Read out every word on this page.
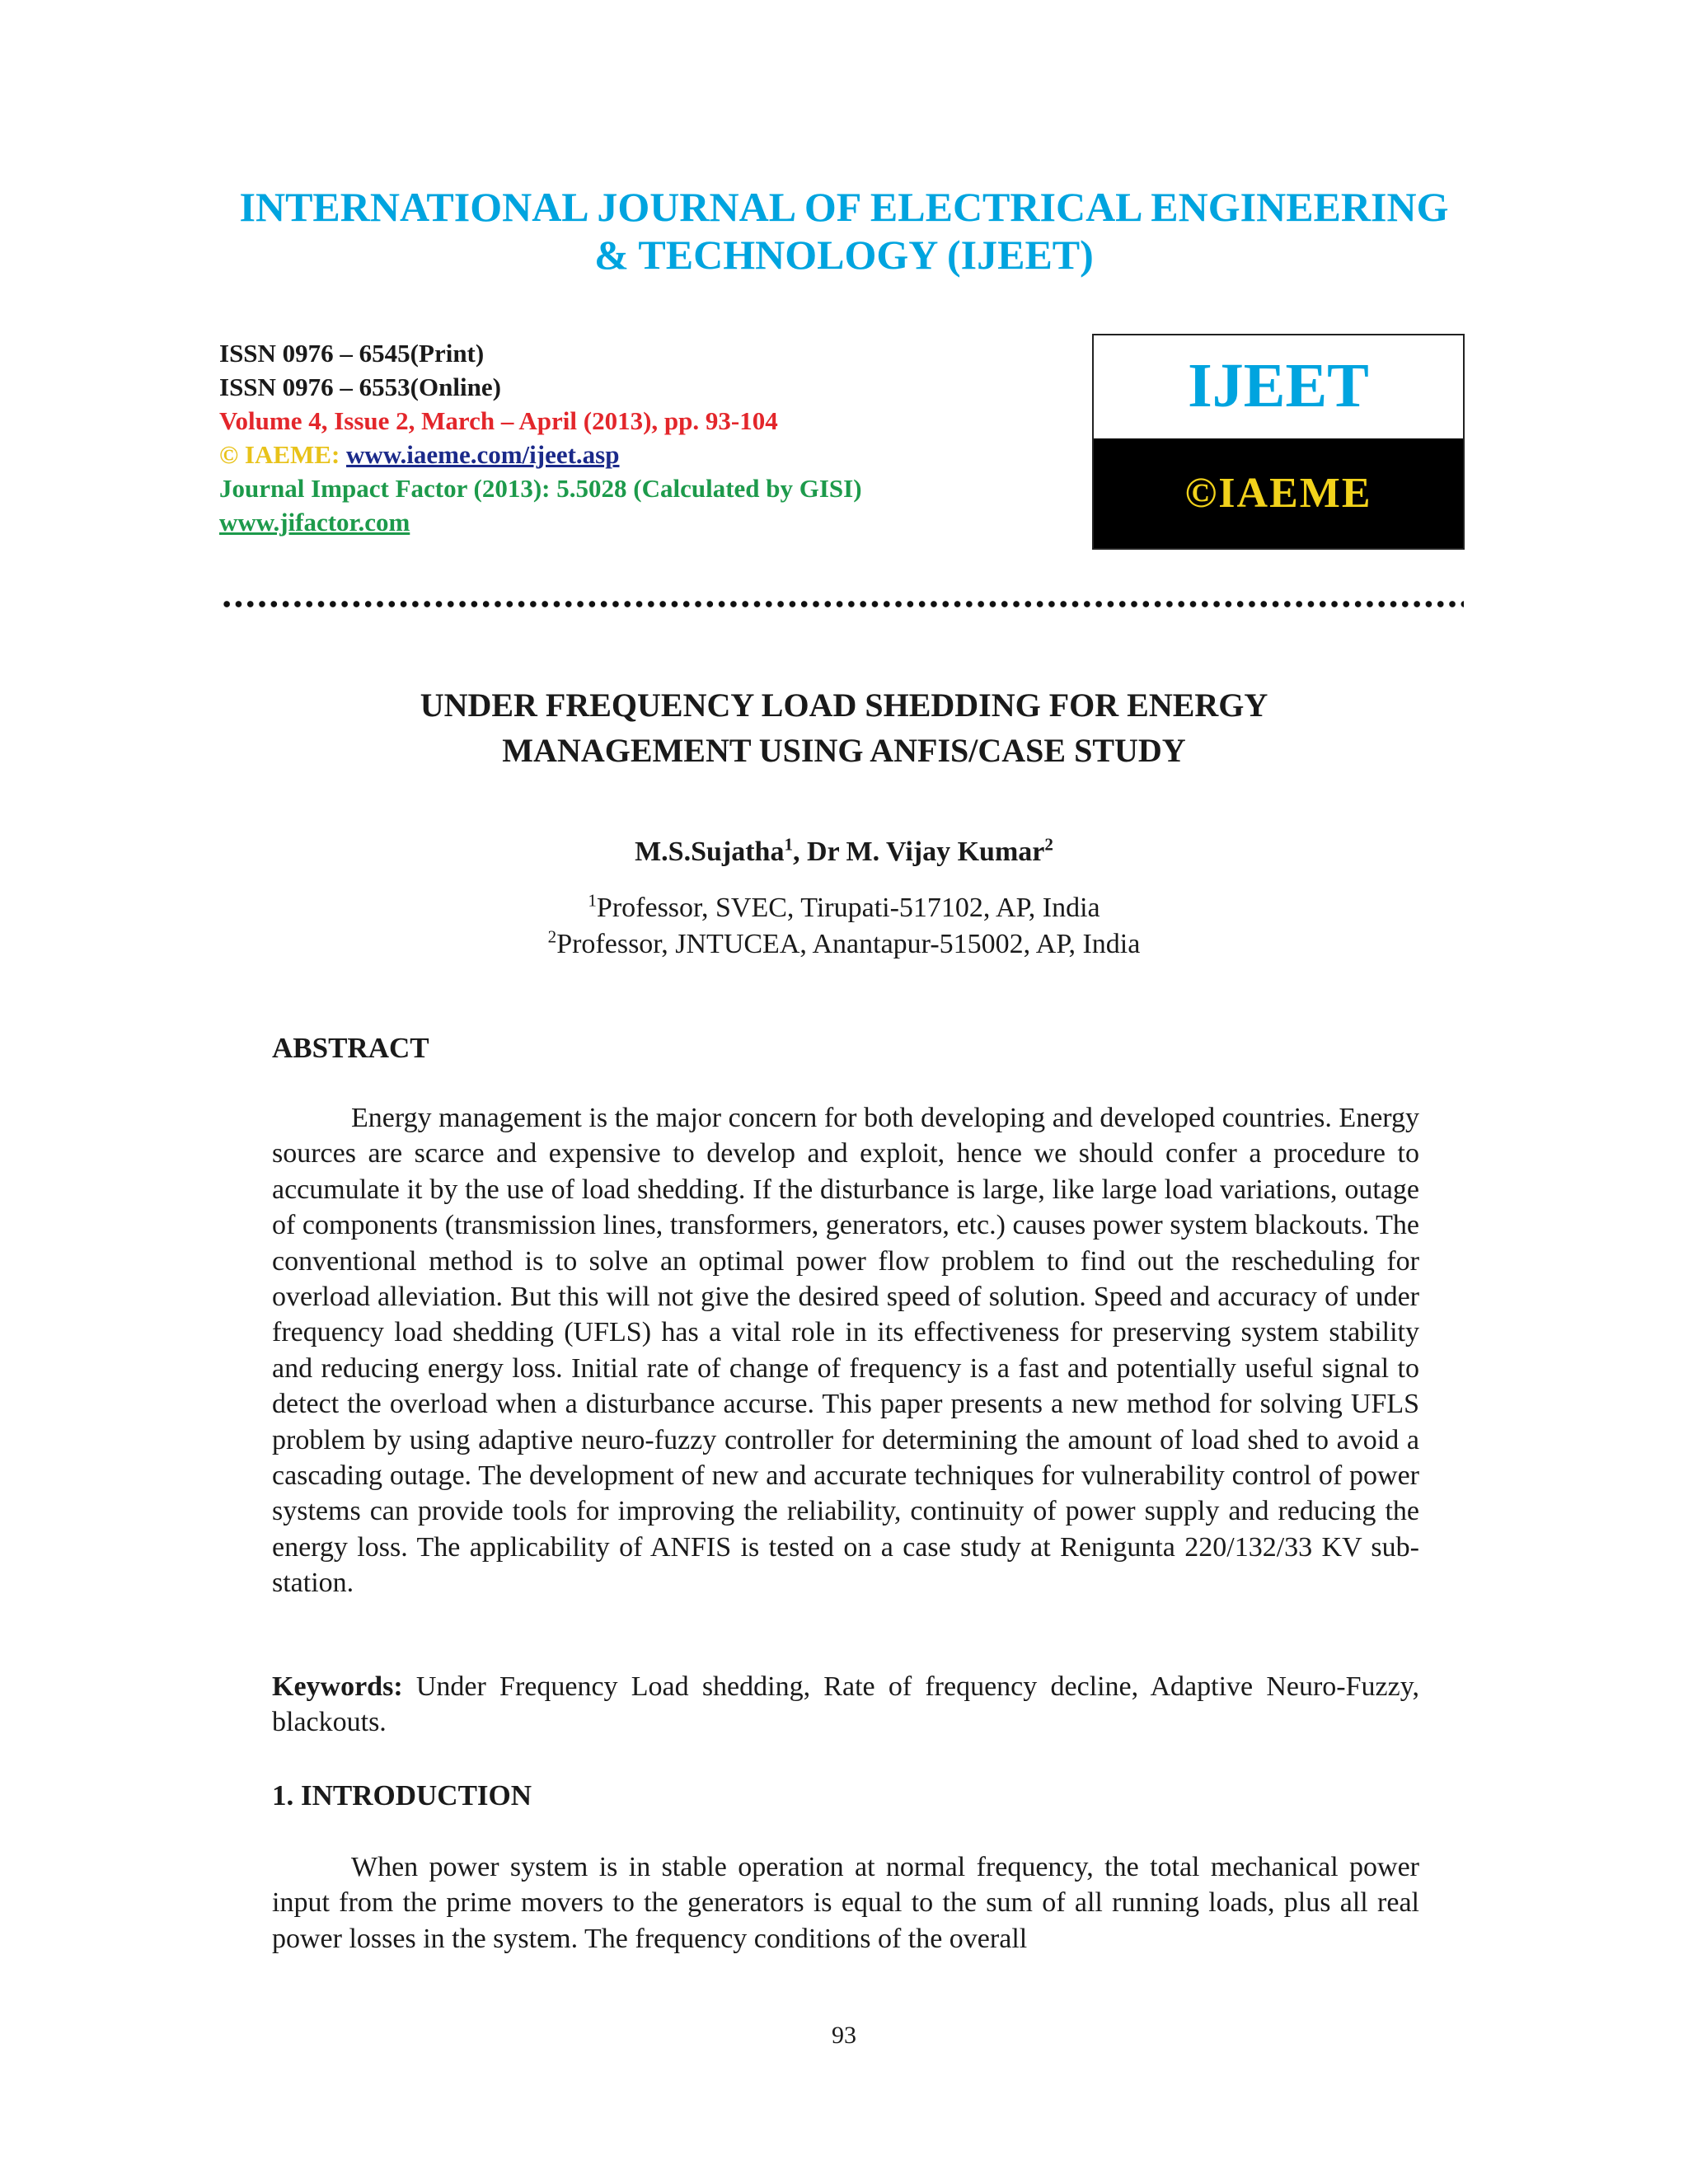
INTERNATIONAL JOURNAL OF ELECTRICAL ENGINEERING
& TECHNOLOGY (IJEET)
ISSN 0976 – 6545(Print)
ISSN 0976 – 6553(Online)
Volume 4, Issue 2, March – April (2013), pp. 93-104
© IAEME: www.iaeme.com/ijeet.asp
Journal Impact Factor (2013): 5.5028 (Calculated by GISI)
www.jifactor.com
IJEET
©IAEME
UNDER FREQUENCY LOAD SHEDDING FOR ENERGY
MANAGEMENT USING ANFIS/CASE STUDY
M.S.Sujatha$^1$, Dr M. Vijay Kumar$^2$
$^1$Professor, SVEC, Tirupati-517102, AP, India
$^2$Professor, JNTUCEA, Anantapur-515002, AP, India
ABSTRACT
Energy management is the major concern for both developing and developed countries. Energy sources are scarce and expensive to develop and exploit, hence we should confer a procedure to accumulate it by the use of load shedding. If the disturbance is large, like large load variations, outage of components (transmission lines, transformers, generators, etc.) causes power system blackouts. The conventional method is to solve an optimal power flow problem to find out the rescheduling for overload alleviation. But this will not give the desired speed of solution. Speed and accuracy of under frequency load shedding (UFLS) has a vital role in its effectiveness for preserving system stability and reducing energy loss. Initial rate of change of frequency is a fast and potentially useful signal to detect the overload when a disturbance accurse. This paper presents a new method for solving UFLS problem by using adaptive neuro-fuzzy controller for determining the amount of load shed to avoid a cascading outage. The development of new and accurate techniques for vulnerability control of power systems can provide tools for improving the reliability, continuity of power supply and reducing the energy loss. The applicability of ANFIS is tested on a case study at Renigunta 220/132/33 KV sub- station.
Keywords: Under Frequency Load shedding, Rate of frequency decline, Adaptive Neuro-Fuzzy, blackouts.
1. INTRODUCTION
When power system is in stable operation at normal frequency, the total mechanical power input from the prime movers to the generators is equal to the sum of all running loads, plus all real power losses in the system. The frequency conditions of the overall
93
